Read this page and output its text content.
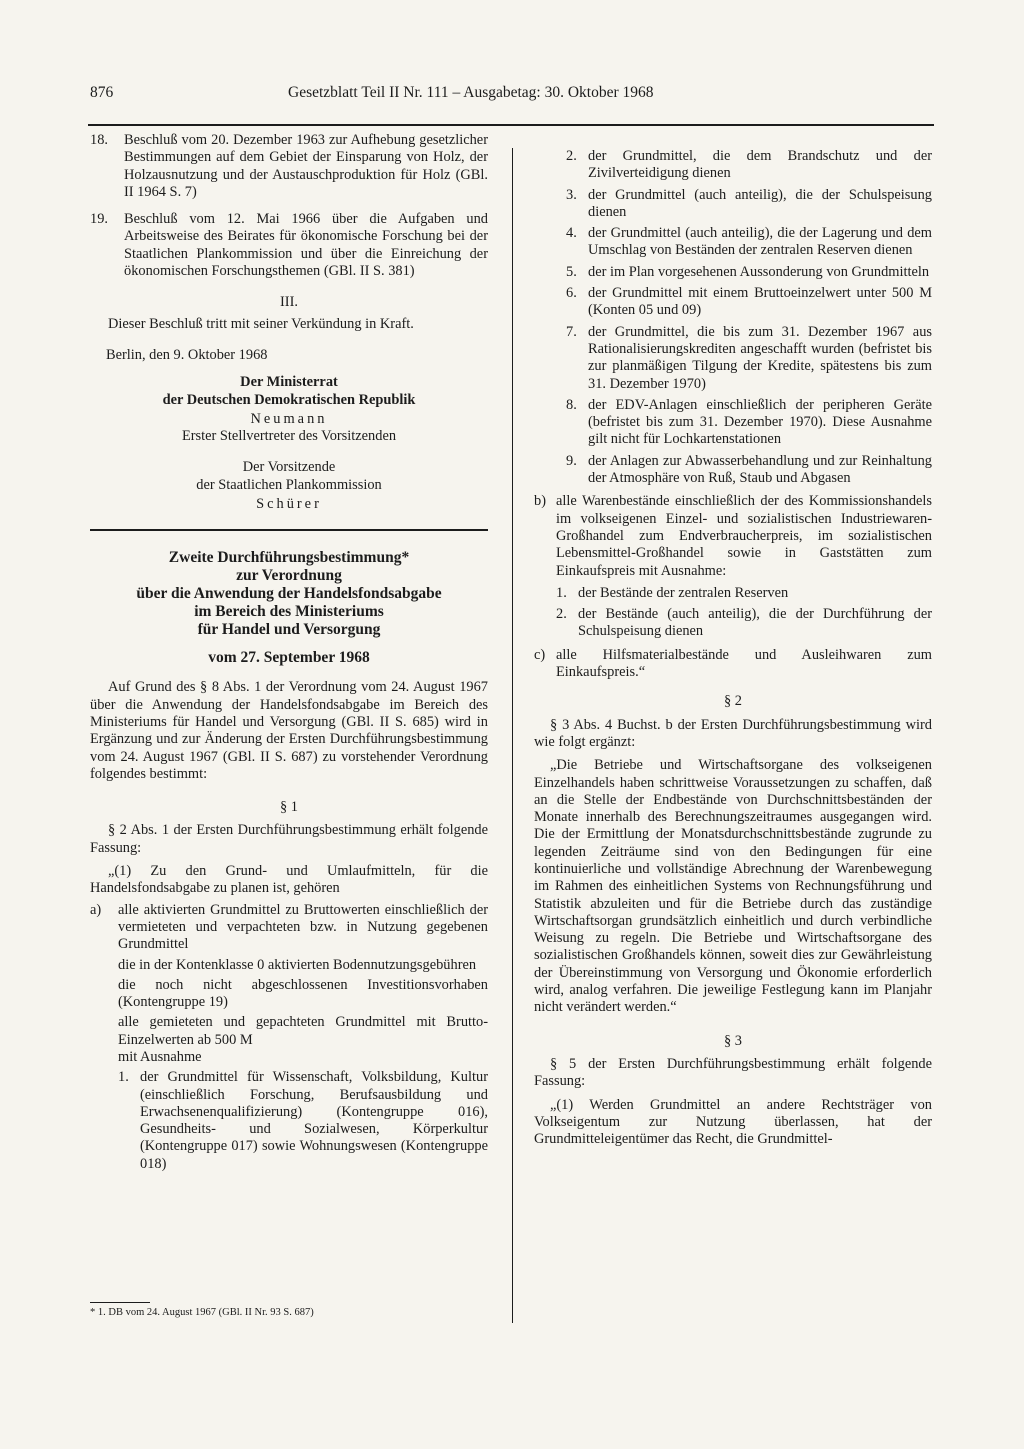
876	Gesetzblatt Teil II Nr. 111 – Ausgabetag: 30. Oktober 1968
18. Beschluß vom 20. Dezember 1963 zur Aufhebung gesetzlicher Bestimmungen auf dem Gebiet der Einsparung von Holz, der Holzausnutzung und der Austauschproduktion für Holz (GBl. II 1964 S. 7)
19. Beschluß vom 12. Mai 1966 über die Aufgaben und Arbeitsweise des Beirates für ökonomische Forschung bei der Staatlichen Plankommission und über die Einreichung der ökonomischen Forschungsthemen (GBl. II S. 381)

III.

Dieser Beschluß tritt mit seiner Verkündung in Kraft.

Berlin, den 9. Oktober 1968

Der Ministerrat

der Deutschen Demokratischen Republik

Neumann

Erster Stellvertreter des Vorsitzenden

Der Vorsitzende

der Staatlichen Plankommission

Schürer

Zweite Durchführungsbestimmung*

zur Verordnung

über die Anwendung der Handelsfondsabgabe

im Bereich des Ministeriums

für Handel und Versorgung

vom 27. September 1968

Auf Grund des § 8 Abs. 1 der Verordnung vom 24. August 1967 über die Anwendung der Handelsfondsabgabe im Bereich des Ministeriums für Handel und Versorgung (GBl. II S. 685) wird in Ergänzung und zur Änderung der Ersten Durchführungsbestimmung vom 24. August 1967 (GBl. II S. 687) zu vorstehender Verordnung folgendes bestimmt:

§ 1

§ 2 Abs. 1 der Ersten Durchführungsbestimmung erhält folgende Fassung:

„(1) Zu den Grund- und Umlaufmitteln, für die Handelsfondsabgabe zu planen ist, gehören

a) alle aktivierten Grundmittel zu Bruttowerten einschließlich der vermieteten und verpachteten bzw. in Nutzung gegebenen Grundmittel

die in der Kontenklasse 0 aktivierten Bodennutzungsgebühren

die noch nicht abgeschlossenen Investitionsvorhaben (Kontengruppe 19)

alle gemieteten und gepachteten Grundmittel mit Brutto-Einzelwerten ab 500 M

mit Ausnahme

1. der Grundmittel für Wissenschaft, Volksbildung, Kultur (einschließlich Forschung, Berufsausbildung und Erwachsenenqualifizierung) (Kontengruppe 016), Gesundheits- und Sozialwesen, Körperkultur (Kontengruppe 017) sowie Wohnungswesen (Kontengruppe 018)
* 1. DB vom 24. August 1967 (GBl. II Nr. 93 S. 687)
2. der Grundmittel, die dem Brandschutz und der Zivilverteidigung dienen
3. der Grundmittel (auch anteilig), die der Schulspeisung dienen
4. der Grundmittel (auch anteilig), die der Lagerung und dem Umschlag von Beständen der zentralen Reserven dienen
5. der im Plan vorgesehenen Aussonderung von Grundmitteln
6. der Grundmittel mit einem Bruttoeinzelwert unter 500 M (Konten 05 und 09)
7. der Grundmittel, die bis zum 31. Dezember 1967 aus Rationalisierungskrediten angeschafft wurden (befristet bis zur planmäßigen Tilgung der Kredite, spätestens bis zum 31. Dezember 1970)
8. der EDV-Anlagen einschließlich der peripheren Geräte (befristet bis zum 31. Dezember 1970). Diese Ausnahme gilt nicht für Lochkartenstationen
9. der Anlagen zur Abwasserbehandlung und zur Reinhaltung der Atmosphäre von Ruß, Staub und Abgasen
b) alle Warenbestände einschließlich der des Kommissionshandels im volkseigenen Einzel- und sozialistischen Industriewaren-Großhandel zum Endverbraucherpreis, im sozialistischen Lebensmittel-Großhandel sowie in Gaststätten zum Einkaufspreis mit Ausnahme:
1. der Bestände der zentralen Reserven
2. der Bestände (auch anteilig), die der Durchführung der Schulspeisung dienen
c) alle Hilfsmaterialbestände und Ausleihwaren zum Einkaufspreis.“

§ 2

§ 3 Abs. 4 Buchst. b der Ersten Durchführungsbestimmung wird wie folgt ergänzt:

„Die Betriebe und Wirtschaftsorgane des volkseigenen Einzelhandels haben schrittweise Voraussetzungen zu schaffen, daß an die Stelle der Endbestände von Durchschnittsbeständen der Monate innerhalb des Berechnungszeitraumes ausgegangen wird. Die der Ermittlung der Monatsdurchschnittsbestände zugrunde zu legenden Zeiträume sind von den Bedingungen für eine kontinuierliche und vollständige Abrechnung der Warenbewegung im Rahmen des einheitlichen Systems von Rechnungsführung und Statistik abzuleiten und für die Betriebe durch das zuständige Wirtschaftsorgan grundsätzlich einheitlich und durch verbindliche Weisung zu regeln. Die Betriebe und Wirtschaftsorgane des sozialistischen Großhandels können, soweit dies zur Gewährleistung der Übereinstimmung von Versorgung und Ökonomie erforderlich wird, analog verfahren. Die jeweilige Festlegung kann im Planjahr nicht verändert werden.“

§ 3

§ 5 der Ersten Durchführungsbestimmung erhält folgende Fassung:

„(1) Werden Grundmittel an andere Rechtsträger von Volkseigentum zur Nutzung überlassen, hat der Grundmitteleigentümer das Recht, die Grundmittel-
